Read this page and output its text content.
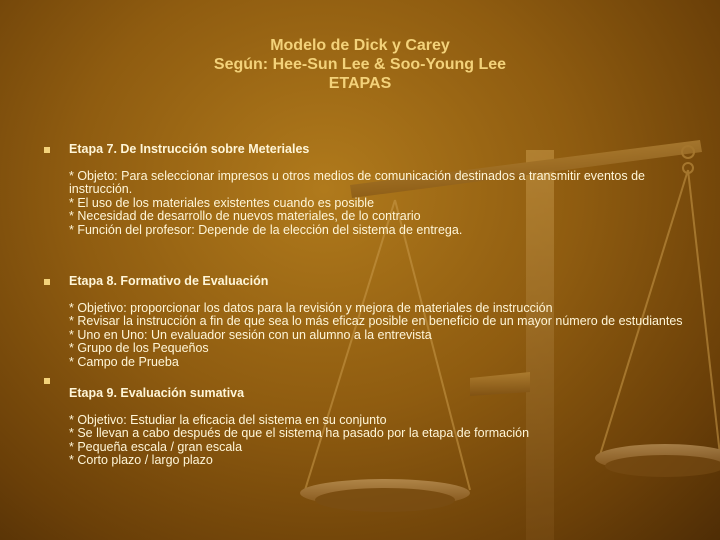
Modelo de Dick y Carey
Según: Hee-Sun Lee & Soo-Young Lee
ETAPAS
Etapa 7. De Instrucción sobre Meteriales
* Objeto: Para seleccionar impresos u otros medios de comunicación destinados a transmitir eventos de instrucción.
* El uso de los materiales existentes cuando es posible
* Necesidad de desarrollo de nuevos materiales, de lo contrario
* Función del profesor: Depende de la elección del sistema de entrega.
Etapa 8. Formativo de Evaluación
* Objetivo: proporcionar los datos para la revisión y mejora de materiales de instrucción
* Revisar la instrucción a fin de que sea lo más eficaz posible en beneficio de un mayor número de estudiantes
* Uno en Uno: Un evaluador sesión con un alumno a la entrevista
* Grupo de los Pequeños
* Campo de Prueba
Etapa 9. Evaluación sumativa
* Objetivo: Estudiar la eficacia del sistema en su conjunto
* Se llevan a cabo después de que el sistema ha pasado por la etapa de formación
* Pequeña escala / gran escala
* Corto plazo / largo plazo
